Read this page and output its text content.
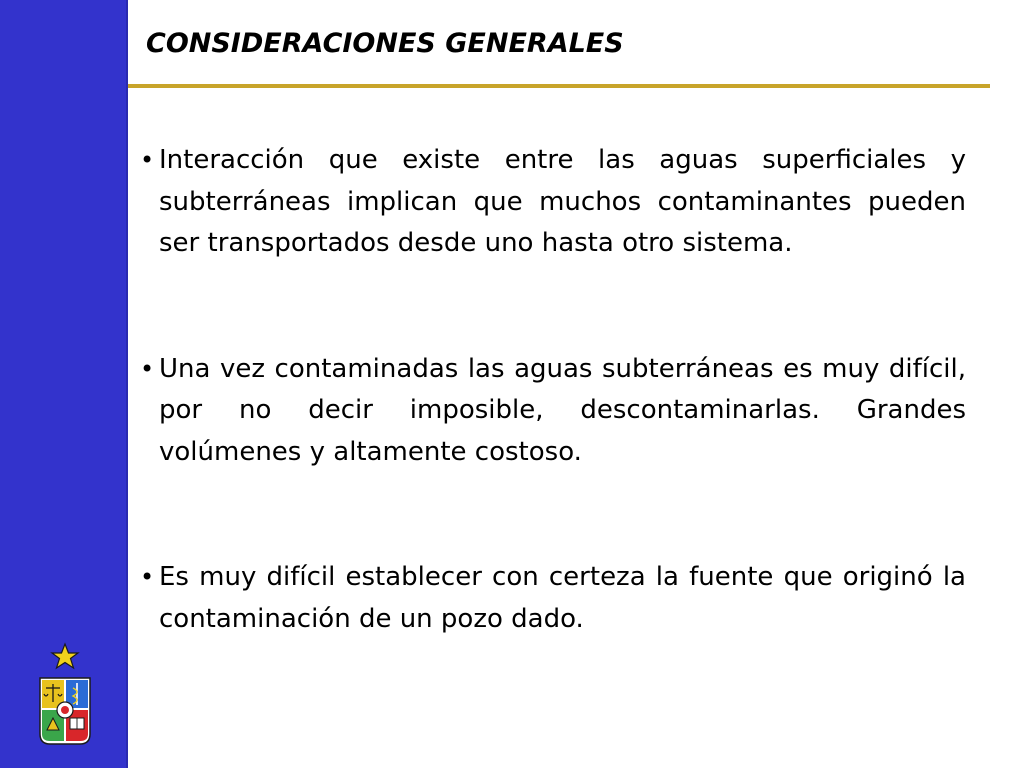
CONSIDERACIONES GENERALES
• Interacción que existe entre las aguas superficiales y subterráneas implican que muchos contaminantes pueden ser transportados desde uno hasta otro sistema.
• Una vez contaminadas las aguas subterráneas es muy difícil, por no decir imposible, descontaminarlas. Grandes volúmenes y altamente costoso.
• Es muy difícil establecer con certeza la fuente que originó la contaminación de un pozo dado.
